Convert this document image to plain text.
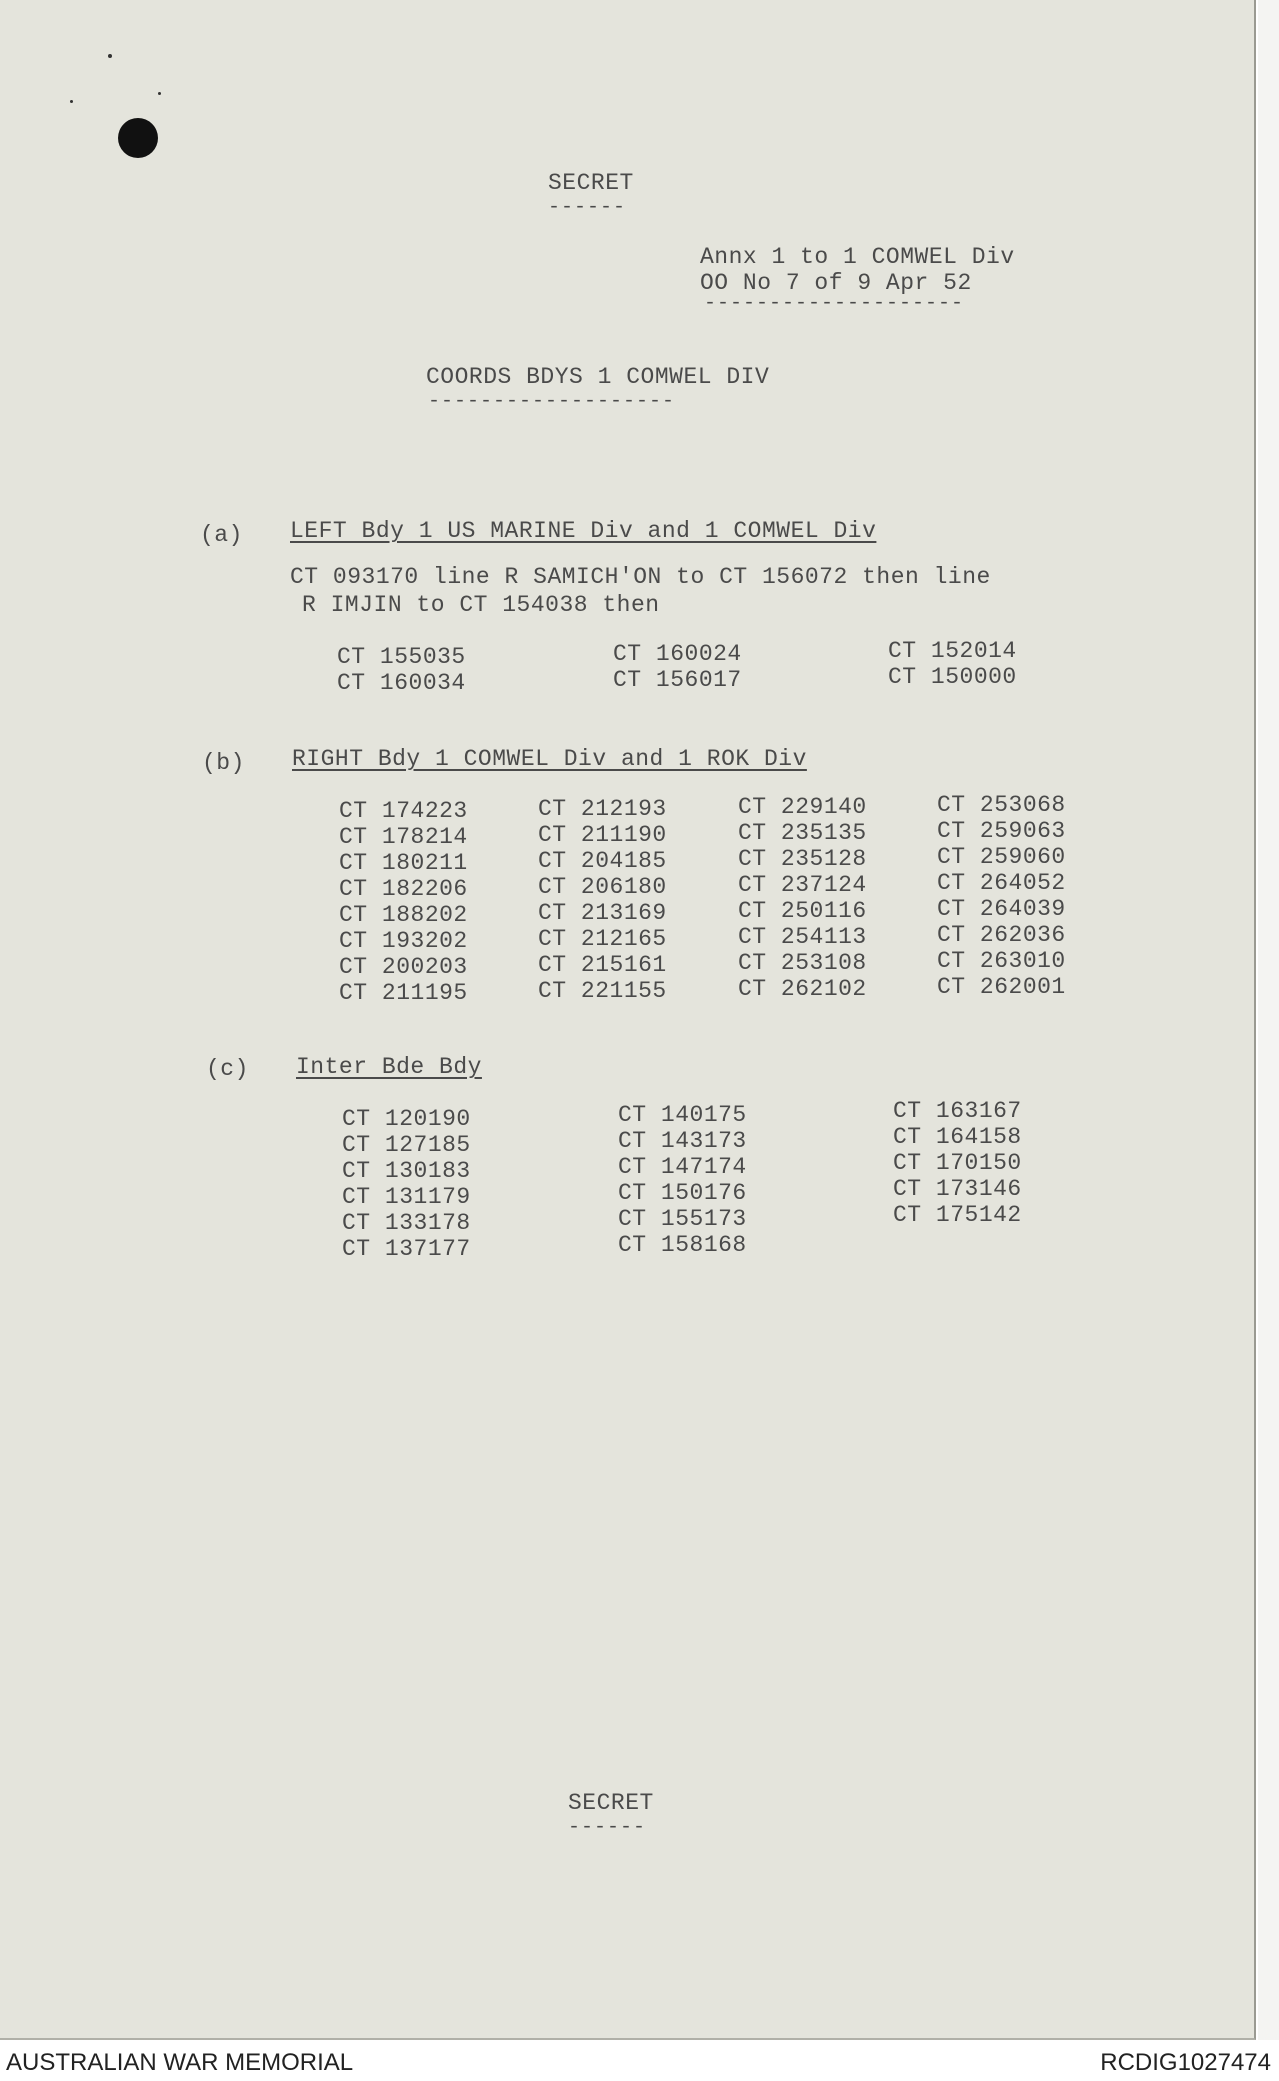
SECRET
------
Annx 1 to 1 COMWEL Div
OO No 7 of 9 Apr 52
--------------------
COORDS BDYS 1 COMWEL DIV
-------------------
(a) LEFT Bdy 1 US MARINE Div and 1 COMWEL Div
CT 093170 line R SAMICH'ON to CT 156072 then line
R IMJIN to CT 154038 then
CT 155035
CT 160034
CT 160024
CT 156017
CT 152014
CT 150000
(b) RIGHT Bdy 1 COMWEL Div and 1 ROK Div
CT 174223
CT 178214
CT 180211
CT 182206
CT 188202
CT 193202
CT 200203
CT 211195
CT 212193
CT 211190
CT 204185
CT 206180
CT 213169
CT 212165
CT 215161
CT 221155
CT 229140
CT 235135
CT 235128
CT 237124
CT 250116
CT 254113
CT 253108
CT 262102
CT 253068
CT 259063
CT 259060
CT 264052
CT 264039
CT 262036
CT 263010
CT 262001
(c) Inter Bde Bdy
CT 120190
CT 127185
CT 130183
CT 131179
CT 133178
CT 137177
CT 140175
CT 143173
CT 147174
CT 150176
CT 155173
CT 158168
CT 163167
CT 164158
CT 170150
CT 173146
CT 175142
SECRET
------
AUSTRALIAN WAR MEMORIAL	RCDIG1027474
